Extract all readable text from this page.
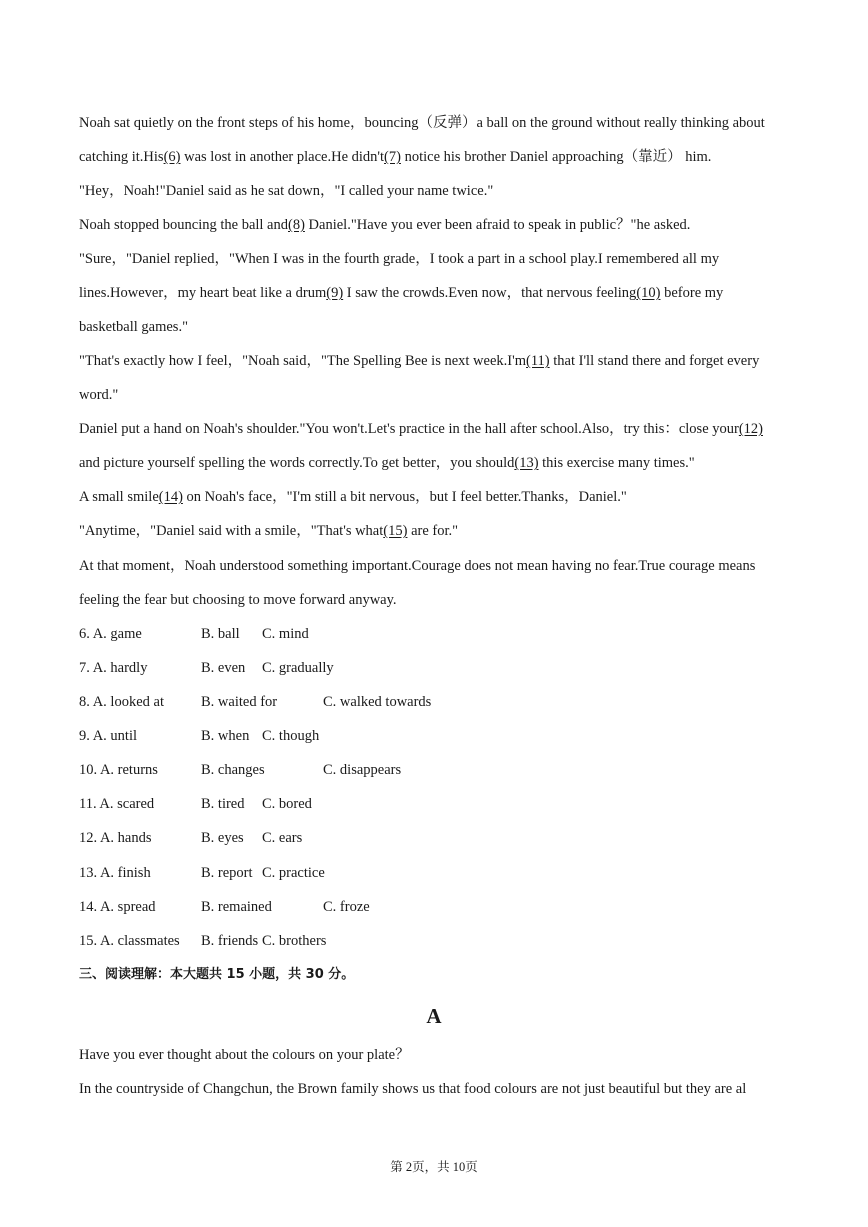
Noah sat quietly on the front steps of his home，bouncing（反弹）a ball on the ground without really thinking about
catching it.His(6) was lost in another place.He didn't(7) notice his brother Daniel approaching（靠近） him.
"Hey，Noah!"Daniel said as he sat down，"I called your name twice."
Noah stopped bouncing the ball and(8) Daniel."Have you ever been afraid to speak in public？"he asked.
"Sure，"Daniel replied，"When I was in the fourth grade，I took a part in a school play.I remembered all my
lines.However，my heart beat like a drum(9) I saw the crowds.Even now，that nervous feeling(10) before my
basketball games."
"That's exactly how I feel，"Noah said，"The Spelling Bee is next week.I'm(11) that I'll stand there and forget every
word."
Daniel put a hand on Noah's shoulder."You won't.Let's practice in the hall after school.Also，try this：close your(12)
and picture yourself spelling the words correctly.To get better，you should(13) this exercise many times."
A small smile(14) on Noah's face，"I'm still a bit nervous，but I feel better.Thanks，Daniel."
"Anytime，"Daniel said with a smile，"That's what(15) are for."
At that moment，Noah understood something important.Courage does not mean having no fear.True courage means
feeling the fear but choosing to move forward anyway.
6. A. game	B. ball C. mind
7. A. hardly	B. even C. gradually
8. A. looked at	B. waited for	C. walked towards
9. A. until	B. when C. though
10. A. returns	B. changes	C. disappears
11. A. scared	B. tired C. bored
12. A. hands	B. eyes C. ears
13. A. finish	B. report C. practice
14. A. spread	B. remained	C. froze
15. A. classmates B. friends C. brothers
三、阅读理解：本大题共 15 小题，共 30 分。
A
Have you ever thought about the colours on your plate？
In the countryside of Changchun, the Brown family shows us that food colours are not just beautiful but they are al
第 2页，共 10页
